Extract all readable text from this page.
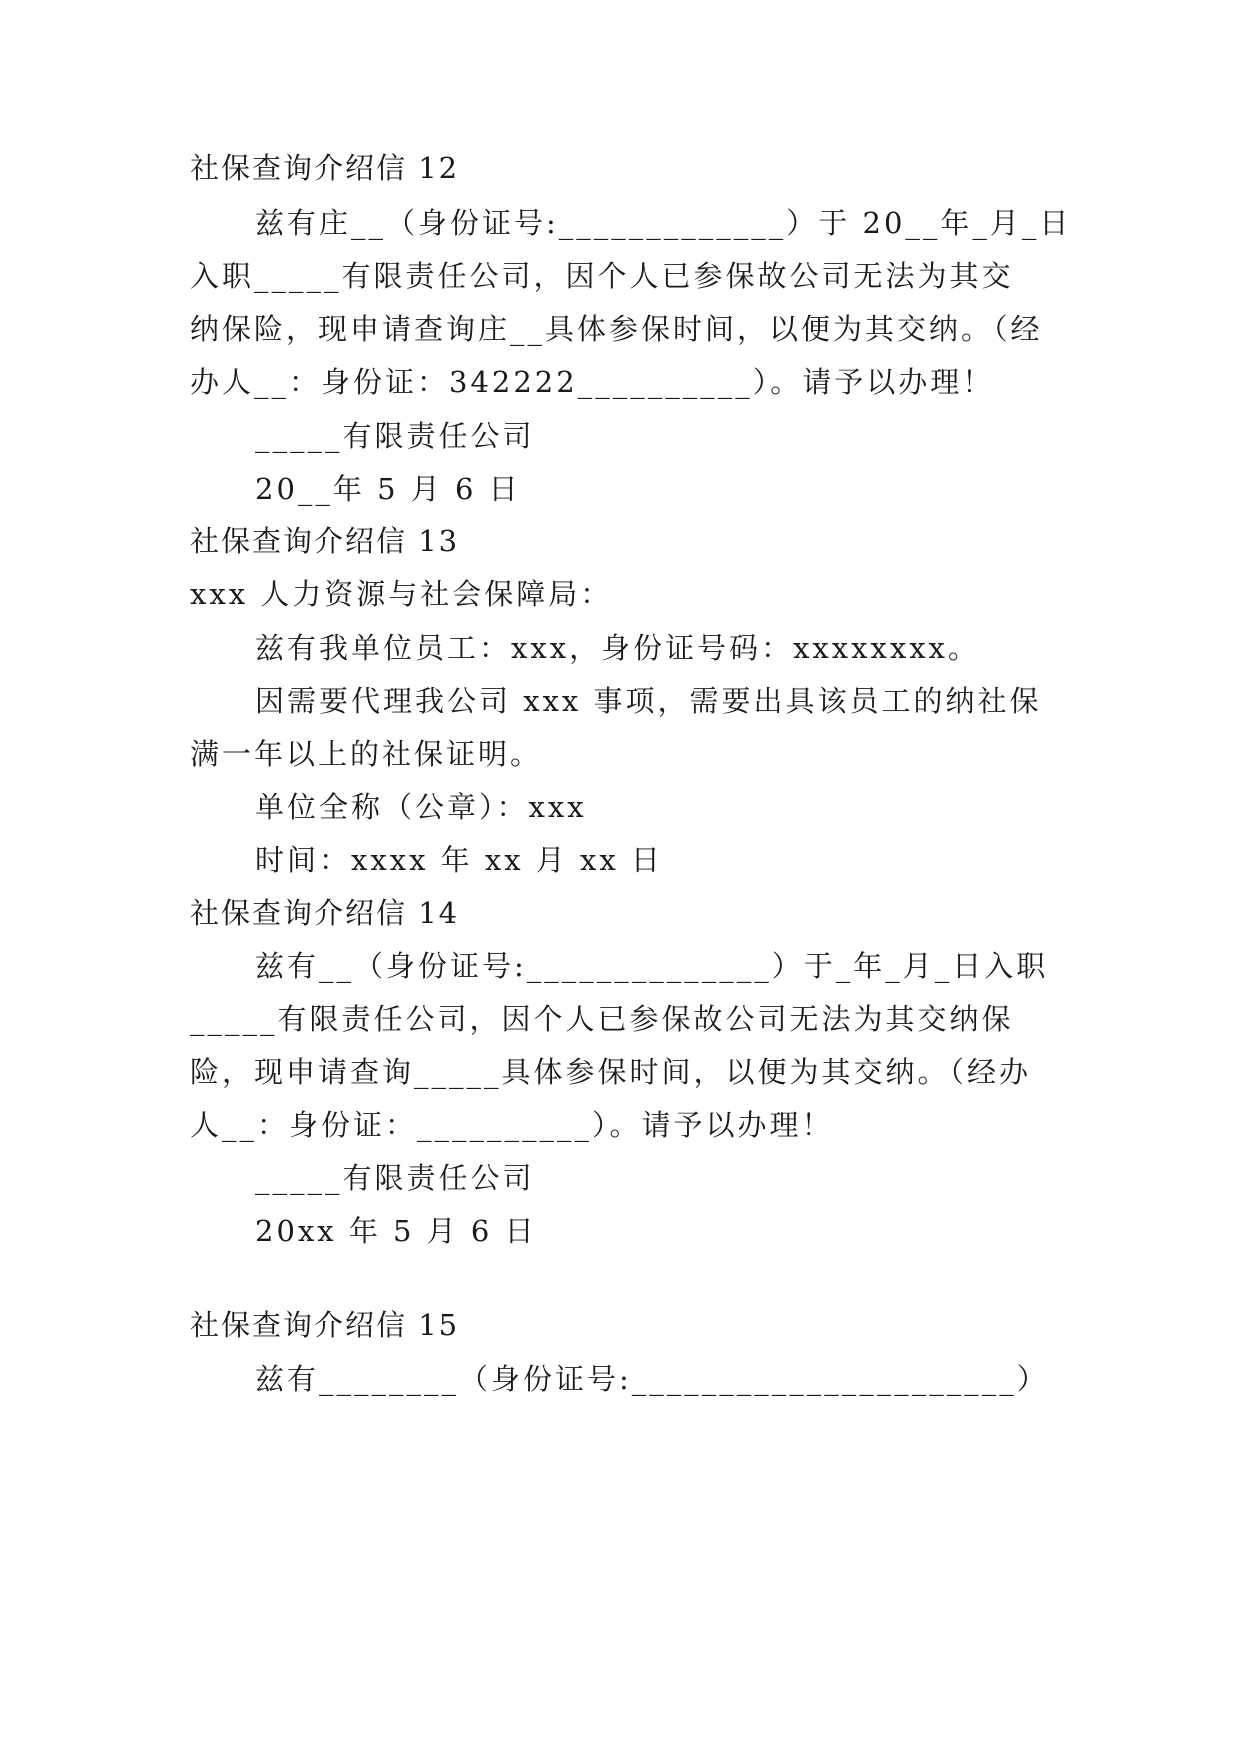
社保查询介绍信 12
兹有庄__（身份证号:_____________）于 20__年_月_日
入职_____有限责任公司，因个人已参保故公司无法为其交
纳保险，现申请查询庄__具体参保时间，以便为其交纳。（经
办人__：身份证：342222__________）。请予以办理！
_____有限责任公司
20__年 5 月 6 日
社保查询介绍信 13
xxx 人力资源与社会保障局：
兹有我单位员工：xxx，身份证号码：xxxxxxxx。
因需要代理我公司 xxx 事项，需要出具该员工的纳社保
满一年以上的社保证明。
单位全称（公章）：xxx
时间：xxxx 年 xx 月 xx 日
社保查询介绍信 14
兹有__（身份证号:______________）于_年_月_日入职
_____有限责任公司，因个人已参保故公司无法为其交纳保
险，现申请查询_____具体参保时间，以便为其交纳。（经办
人__：身份证：__________）。请予以办理！
_____有限责任公司
20xx 年 5 月 6 日
社保查询介绍信 15
兹有________（身份证号:______________________）
